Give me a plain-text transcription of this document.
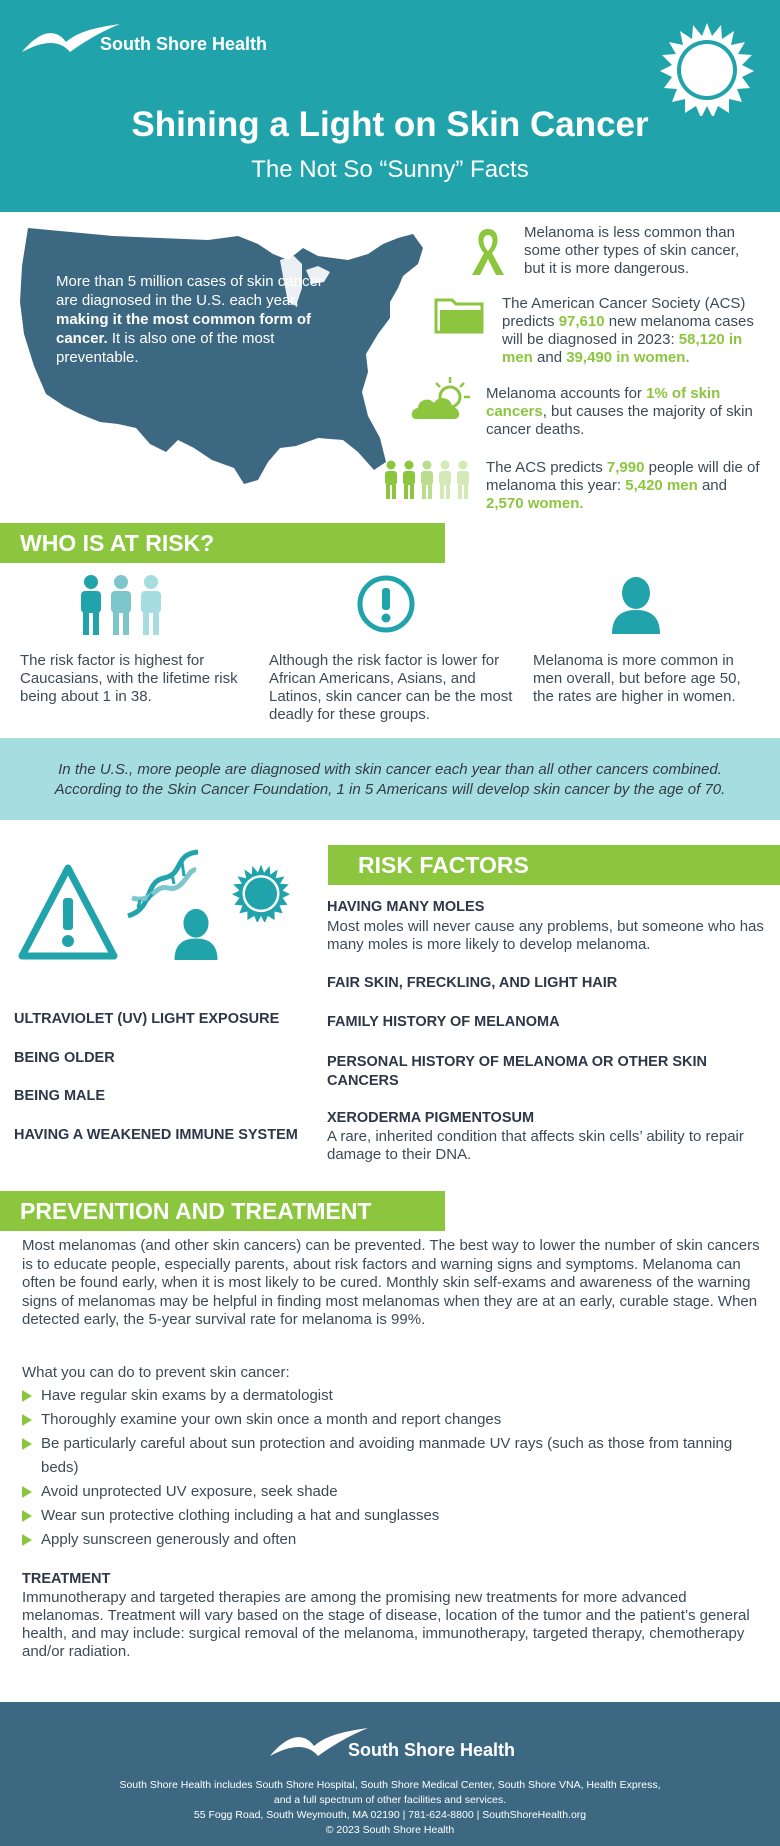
South Shore Health
Shining a Light on Skin Cancer
The Not So “Sunny” Facts
More than 5 million cases of skin cancer are diagnosed in the U.S. each year, making it the most common form of cancer. It is also one of the most preventable.
Melanoma is less common than some other types of skin cancer, but it is more dangerous.
The American Cancer Society (ACS) predicts 97,610 new melanoma cases will be diagnosed in 2023: 58,120 in men and 39,490 in women.
Melanoma accounts for 1% of skin cancers, but causes the majority of skin cancer deaths.
The ACS predicts 7,990 people will die of melanoma this year: 5,420 men and 2,570 women.
WHO IS AT RISK?
The risk factor is highest for Caucasians, with the lifetime risk being about 1 in 38.
Although the risk factor is lower for African Americans, Asians, and Latinos, skin cancer can be the most deadly for these groups.
Melanoma is more common in men overall, but before age 50, the rates are higher in women.

In the U.S., more people are diagnosed with skin cancer each year than all other cancers combined.

According to the Skin Cancer Foundation, 1 in 5 Americans will develop skin cancer by the age of 70.

RISK FACTORS
HAVING MANY MOLES
Most moles will never cause any problems, but someone who has many moles is more likely to develop melanoma.
FAIR SKIN, FRECKLING, AND LIGHT HAIR
FAMILY HISTORY OF MELANOMA
PERSONAL HISTORY OF MELANOMA OR OTHER SKIN CANCERS
XERODERMA PIGMENTOSUM
A rare, inherited condition that affects skin cells’ ability to repair damage to their DNA.
ULTRAVIOLET (UV) LIGHT EXPOSURE
BEING OLDER
BEING MALE
HAVING A WEAKENED IMMUNE SYSTEM
PREVENTION AND TREATMENT
Most melanomas (and other skin cancers) can be prevented. The best way to lower the number of skin cancers is to educate people, especially parents, about risk factors and warning signs and symptoms. Melanoma can often be found early, when it is most likely to be cured. Monthly skin self-exams and awareness of the warning signs of melanomas may be helpful in finding most melanomas when they are at an early, curable stage. When detected early, the 5-year survival rate for melanoma is 99%.
What you can do to prevent skin cancer:
Have regular skin exams by a dermatologist
Thoroughly examine your own skin once a month and report changes
Be particularly careful about sun protection and avoiding manmade UV rays (such as those from tanning beds)
Avoid unprotected UV exposure, seek shade
Wear sun protective clothing including a hat and sunglasses
Apply sunscreen generously and often
TREATMENT
Immunotherapy and targeted therapies are among the promising new treatments for more advanced melanomas. Treatment will vary based on the stage of disease, location of the tumor and the patient’s general health, and may include: surgical removal of the melanoma, immunotherapy, targeted therapy, chemotherapy and/or radiation.
South Shore Health
South Shore Health includes South Shore Hospital, South Shore Medical Center, South Shore VNA, Health Express,
and a full spectrum of other facilities and services.
55 Fogg Road, South Weymouth, MA 02190 | 781-624-8800 | SouthShoreHealth.org
© 2023 South Shore Health
